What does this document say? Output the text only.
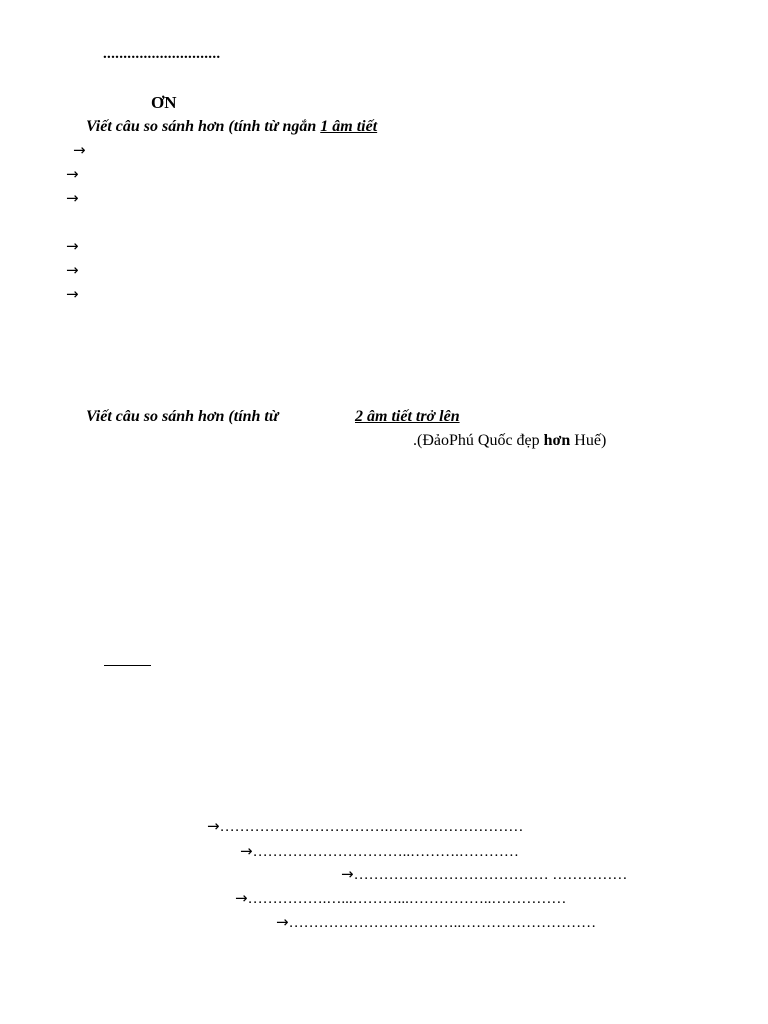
.............................
ƠN
Viết câu so sánh hơn (tính từ ngắn 1 âm tiết
→
→
→
→
→
→
Viết câu so sánh hơn (tính từ	2 âm tiết trở lên
.(ĐảoPhú Quốc đẹp hơn Huế)
→…………………………….………………………
→…………………………..……….…………
→………………………………… ……………
→…………….…...………...……………..……………
→……………………………..………………………
